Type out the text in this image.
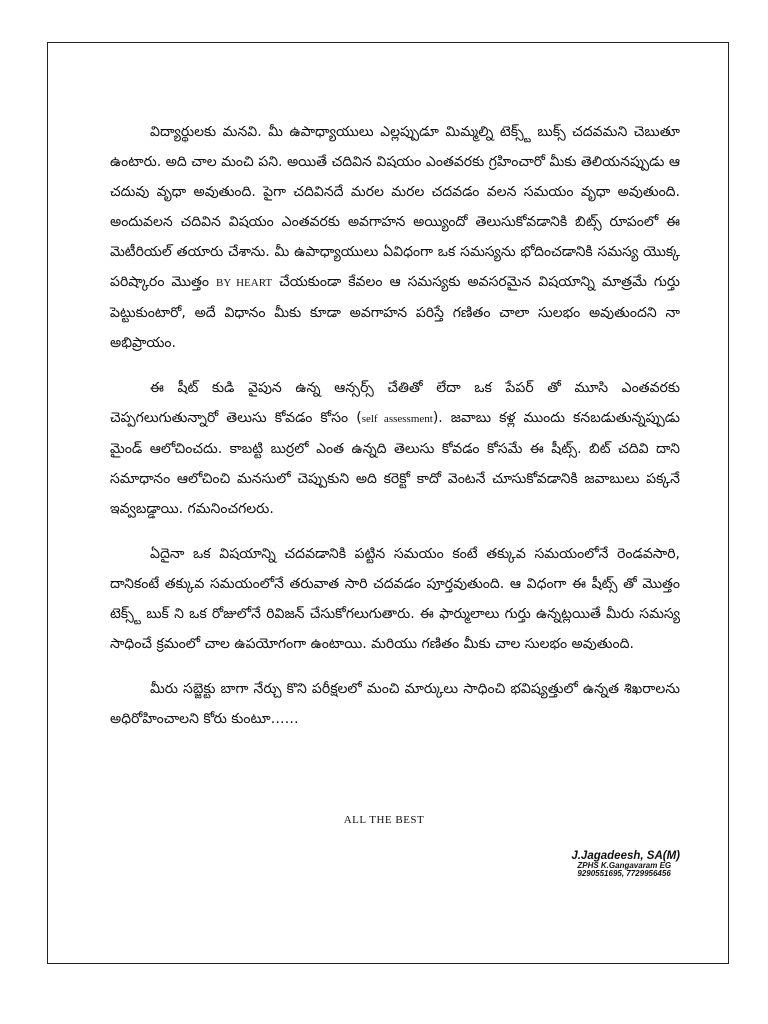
విద్యార్థులకు మనవి. మీ ఉపాధ్యాయులు ఎల్లప్పుడూ మిమ్మల్ని టెక్స్ట్ బుక్స్ చదవమని చెబుతూ ఉంటారు. అది చాల మంచి పని. అయితే చదివిన విషయం ఎంతవరకు గ్రహించారో మీకు తెలియనప్పుడు ఆ చదువు వృధా అవుతుంది. పైగా చదివినదే మరల మరల చదవడం వలన సమయం వృధా అవుతుంది. అందువలన చదివిన విషయం ఎంతవరకు అవగాహన అయ్యిందో తెలుసుకోవడానికి బిట్స్ రూపంలో ఈ మెటీరియల్ తయారు చేశాను. మీ ఉపాధ్యాయులు ఏవిధంగా ఒక సమస్యను భోదించడానికి సమస్య యొక్క పరిష్కారం మొత్తం BY HEART చేయకుండా కేవలం ఆ సమస్యకు అవసరమైన విషయాన్ని మాత్రమే గుర్తు పెట్టుకుంటారో, అదే విధానం మీకు కూడా అవగాహన పరిస్తే గణితం చాలా సులభం అవుతుందని నా అభిప్రాయం.

ఈ షీట్ కుడి వైపున ఉన్న ఆన్సర్స్ చేతితో లేదా ఒక పేపర్ తో మూసి ఎంతవరకు చెప్పగలుగుతున్నారో తెలుసు కోవడం కోసం (self assessment). జవాబు కళ్ల ముందు కనబడుతున్నప్పుడు మైండ్ ఆలోచించదు. కాబట్టి బుర్రలో ఎంత ఉన్నది తెలుసు కోవడం కోసమే ఈ షీట్స్. బిట్ చదివి దాని సమాధానం ఆలోచించి మనసులో చెప్పుకుని అది కరెక్టో కాదో వెంటనే చూసుకోవడానికి జవాబులు పక్కనే ఇవ్వబడ్డాయి. గమనించగలరు.

ఏదైనా ఒక విషయాన్ని చదవడానికి పట్టిన సమయం కంటే తక్కువ సమయంలోనే రెండవసారి, దానికంటే తక్కువ సమయంలోనే తరువాత సారి చదవడం పూర్తవుతుంది. ఆ విధంగా ఈ షీట్స్ తో మొత్తం టెక్స్ట్ బుక్ ని ఒక రోజులోనే రివిజన్ చేసుకోగలుగుతారు. ఈ ఫార్ములాలు గుర్తు ఉన్నట్లయితే మీరు సమస్య సాధించే క్రమంలో చాల ఉపయోగంగా ఉంటాయి. మరియు గణితం మీకు చాల సులభం అవుతుంది.

మీరు సబ్జెక్టు బాగా నేర్చు కొని పరీక్షలలో మంచి మార్కులు సాధించి భవిష్యత్తులో ఉన్నత శిఖరాలను అధిరోహించాలని కోరు కుంటూ……

ALL THE BEST
J.Jagadeesh, SA(M)
ZPHS K.Gangavaram EG
9290551695, 7729956456
